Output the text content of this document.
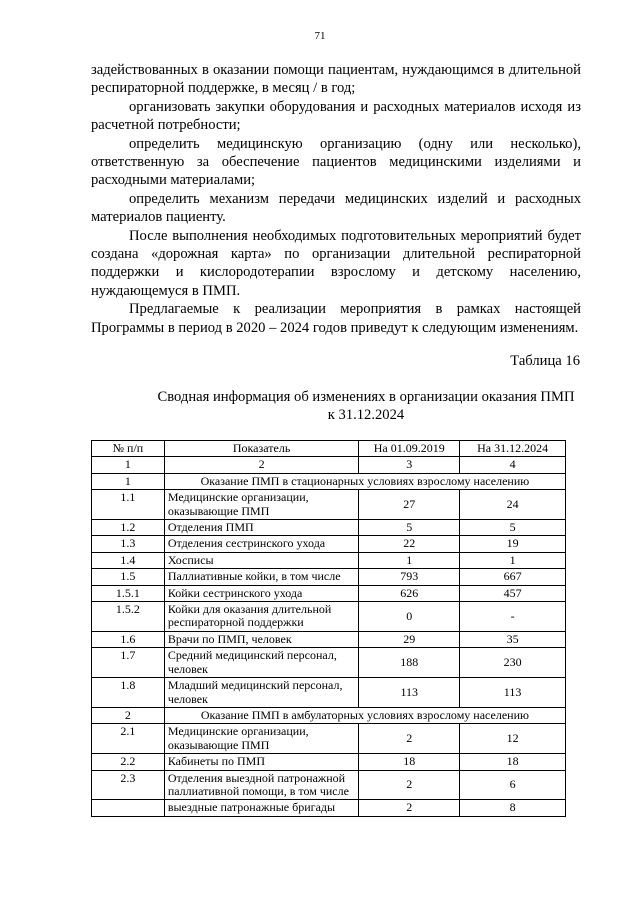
71

задействованных в оказании помощи пациентам, нуждающимся в длительной респираторной поддержке, в месяц / в год;

организовать закупки оборудования и расходных материалов исходя из расчетной потребности;

определить медицинскую организацию (одну или несколько), ответственную за обеспечение пациентов медицинскими изделиями и расходными материалами;

определить механизм передачи медицинских изделий и расходных материалов пациенту.

После выполнения необходимых подготовительных мероприятий будет создана «дорожная карта» по организации длительной респираторной поддержки и кислородотерапии взрослому и детскому населению, нуждающемуся в ПМП.

Предлагаемые к реализации мероприятия в рамках настоящей Программы в период в 2020 – 2024 годов приведут к следующим изменениям.

Таблица 16
Сводная информация об изменениях в организации оказания ПМП
к 31.12.2024
№ п/п	Показатель	На 01.09.2019	На 31.12.2024
1	2	3	4
1	Оказание ПМП в стационарных условиях взрослому населению		
1.1	Медицинские организации, оказывающие ПМП	27	24
1.2	Отделения ПМП	5	5
1.3	Отделения сестринского ухода	22	19
1.4	Хосписы	1	1
1.5	Паллиативные койки, в том числе	793	667
1.5.1	Койки сестринского ухода	626	457
1.5.2	Койки для оказания длительной респираторной поддержки	0	-
1.6	Врачи по ПМП, человек	29	35
1.7	Средний медицинский персонал, человек	188	230
1.8	Младший медицинский персонал, человек	113	113
2	Оказание ПМП в амбулаторных условиях взрослому населению		
2.1	Медицинские организации, оказывающие ПМП	2	12
2.2	Кабинеты по ПМП	18	18
2.3	Отделения выездной патронажной паллиативной помощи, в том числе	2	6
	выездные патронажные бригады	2	8
